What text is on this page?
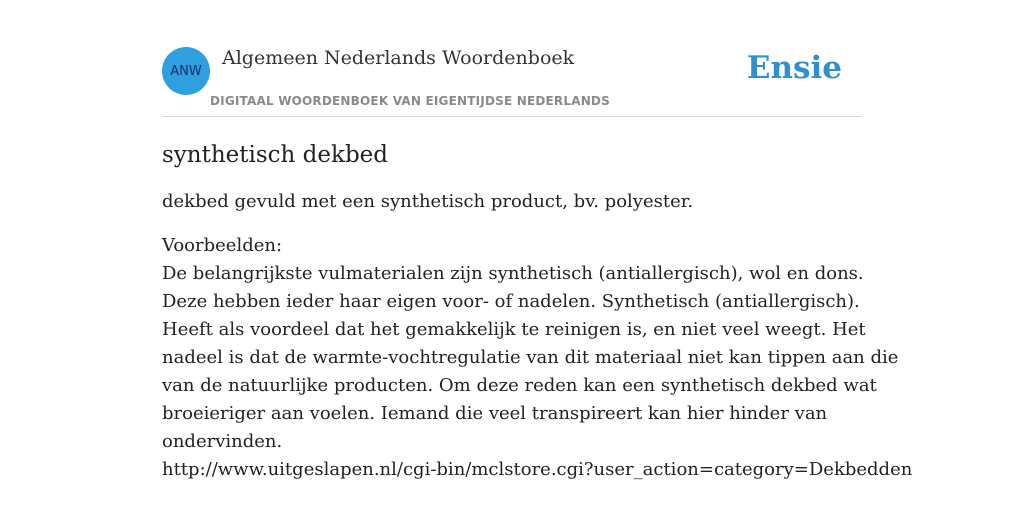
ANW
Algemeen Nederlands Woordenboek
DIGITAAL WOORDENBOEK VAN EIGENTIJDSE NEDERLANDS
Ensie
synthetisch dekbed

dekbed gevuld met een synthetisch product, bv. polyester.

Voorbeelden:

De belangrijkste vulmaterialen zijn synthetisch (antiallergisch), wol en dons.

Deze hebben ieder haar eigen voor- of nadelen. Synthetisch (antiallergisch).

Heeft als voordeel dat het gemakkelijk te reinigen is, en niet veel weegt. Het

nadeel is dat de warmte-vochtregulatie van dit materiaal niet kan tippen aan die

van de natuurlijke producten. Om deze reden kan een synthetisch dekbed wat

broeieriger aan voelen. Iemand die veel transpireert kan hier hinder van

ondervinden.

http://www.uitgeslapen.nl/cgi-bin/mclstore.cgi?user_action=category=Dekbedden
